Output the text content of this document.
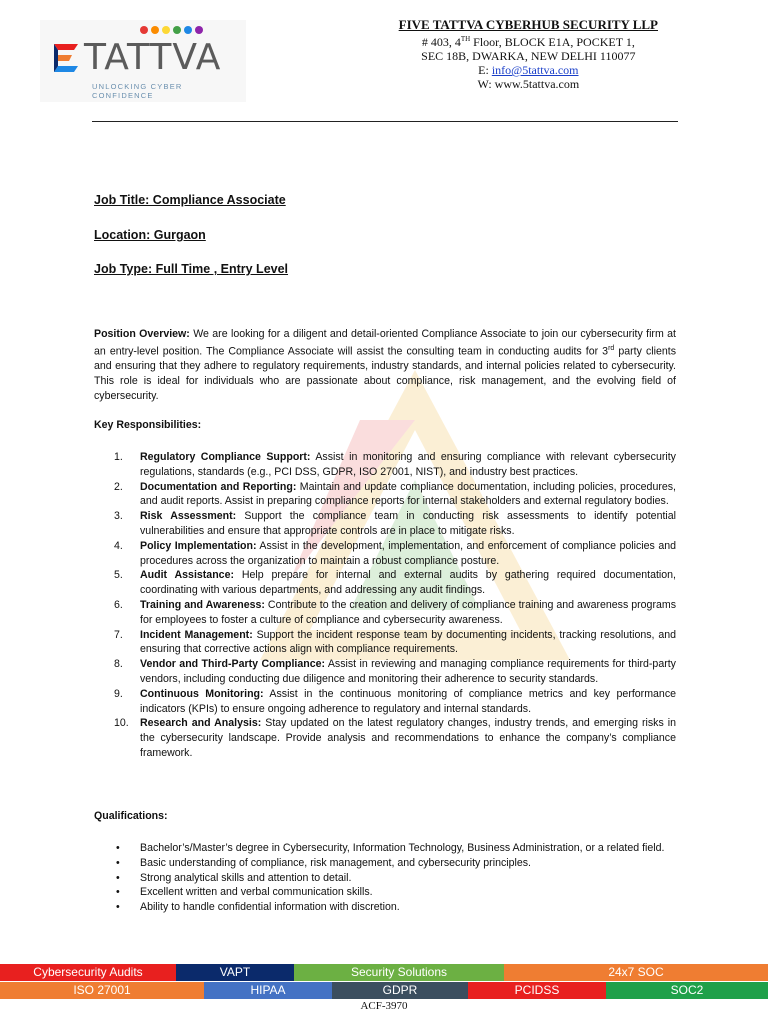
TATTVA
UNLOCKING CYBER CONFIDENCE
FIVE TATTVA CYBERHUB SECURITY LLP
# 403, 4TH Floor, BLOCK E1A, POCKET 1,
SEC 18B, DWARKA, NEW DELHI 110077
E: info@5tattva.com
W: www.5tattva.com
Job Title: Compliance Associate
Location: Gurgaon
Job Type: Full Time , Entry Level
Position Overview: We are looking for a diligent and detail-oriented Compliance Associate to join our cybersecurity firm at an entry-level position. The Compliance Associate will assist the consulting team in conducting audits for 3rd party clients and ensuring that they adhere to regulatory requirements, industry standards, and internal policies related to cybersecurity. This role is ideal for individuals who are passionate about compliance, risk management, and the evolving field of cybersecurity.
Key Responsibilities:
1. Regulatory Compliance Support: Assist in monitoring and ensuring compliance with relevant cybersecurity regulations, standards (e.g., PCI DSS, GDPR, ISO 27001, NIST), and industry best practices.
2. Documentation and Reporting: Maintain and update compliance documentation, including policies, procedures, and audit reports. Assist in preparing compliance reports for internal stakeholders and external regulatory bodies.
3. Risk Assessment: Support the compliance team in conducting risk assessments to identify potential vulnerabilities and ensure that appropriate controls are in place to mitigate risks.
4. Policy Implementation: Assist in the development, implementation, and enforcement of compliance policies and procedures across the organization to maintain a robust compliance posture.
5. Audit Assistance: Help prepare for internal and external audits by gathering required documentation, coordinating with various departments, and addressing any audit findings.
6. Training and Awareness: Contribute to the creation and delivery of compliance training and awareness programs for employees to foster a culture of compliance and cybersecurity awareness.
7. Incident Management: Support the incident response team by documenting incidents, tracking resolutions, and ensuring that corrective actions align with compliance requirements.
8. Vendor and Third-Party Compliance: Assist in reviewing and managing compliance requirements for third-party vendors, including conducting due diligence and monitoring their adherence to security standards.
9. Continuous Monitoring: Assist in the continuous monitoring of compliance metrics and key performance indicators (KPIs) to ensure ongoing adherence to regulatory and internal standards.
10. Research and Analysis: Stay updated on the latest regulatory changes, industry trends, and emerging risks in the cybersecurity landscape. Provide analysis and recommendations to enhance the company’s compliance framework.
Qualifications:
• Bachelor’s/Master’s degree in Cybersecurity, Information Technology, Business Administration, or a related field.
• Basic understanding of compliance, risk management, and cybersecurity principles.
• Strong analytical skills and attention to detail.
• Excellent written and verbal communication skills.
• Ability to handle confidential information with discretion.
Cybersecurity Audits	VAPT	Security Solutions	24x7 SOC
ISO 27001	HIPAA	GDPR	PCIDSS	SOC2
ACF-3970
